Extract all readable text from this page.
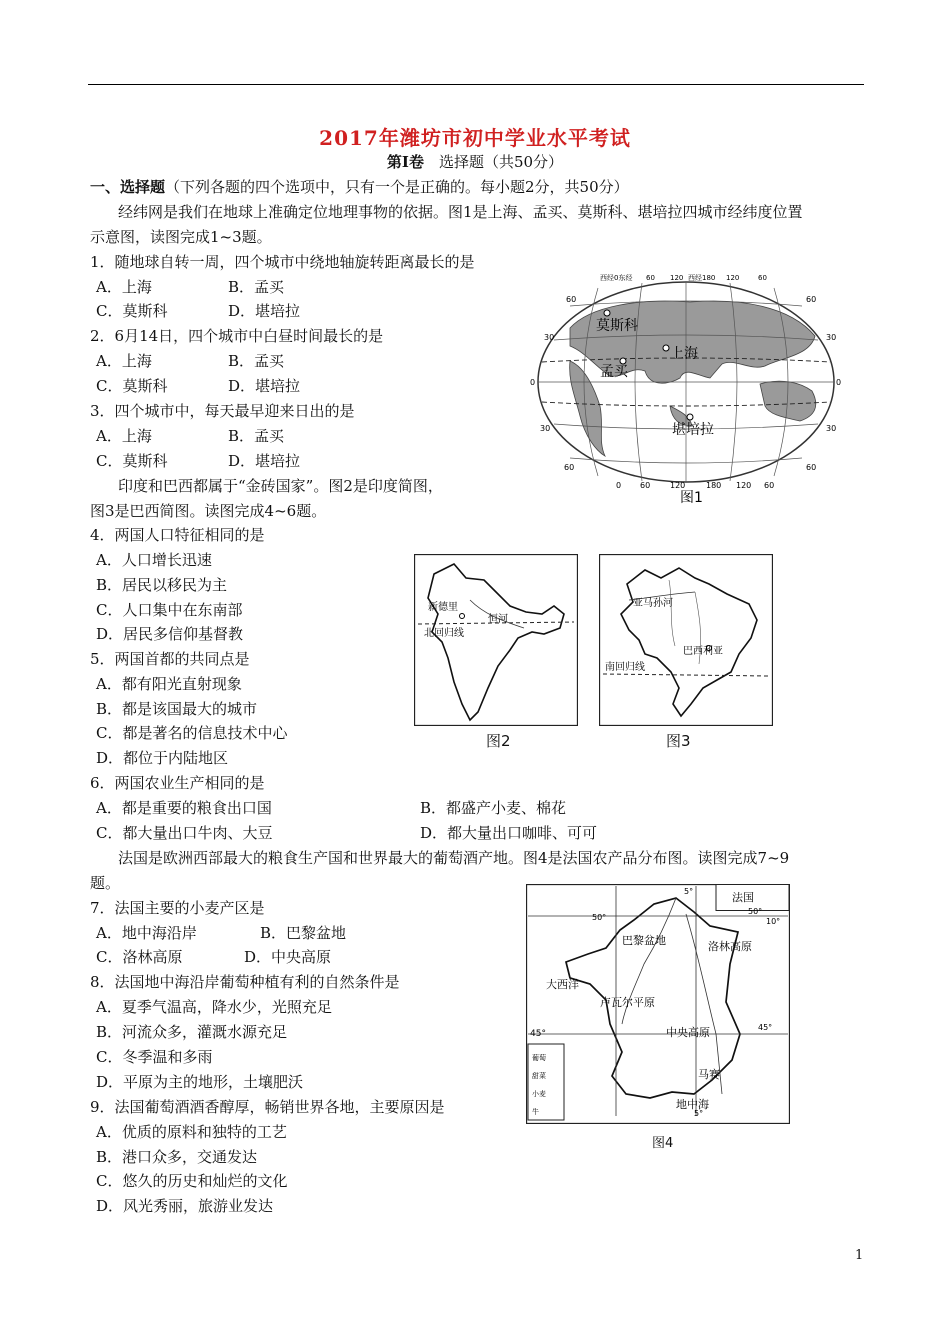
2017年潍坊市初中学业水平考试
第Ⅰ卷　 选择题（共50分）
一、选择题（下列各题的四个选项中，只有一个是正确的。每小题2分，共50分）
经纬网是我们在地球上准确定位地理事物的依据。图1是上海、孟买、莫斯科、堪培拉四城市经纬度位置
示意图，读图完成1~3题。
1．随地球自转一周，四个城市中绕地轴旋转距离最长的是
A．上海	B．孟买
C．莫斯科	D．堪培拉
2．6月14日，四个城市中白昼时间最长的是
A．上海	B．孟买
C．莫斯科	D．堪培拉
3．四个城市中，每天最早迎来日出的是
A．上海	B．孟买
C．莫斯科	D．堪培拉
印度和巴西都属于“金砖国家”。图2是印度简图，
图3是巴西简图。读图完成4~6题。
4．两国人口特征相同的是
A．人口增长迅速
B．居民以移民为主
C．人口集中在东南部
D．居民多信仰基督教
5．两国首都的共同点是
A．都有阳光直射现象
B．都是该国最大的城市
C．都是著名的信息技术中心
D．都位于内陆地区
6．两国农业生产相同的是
A．都是重要的粮食出口国	B．都盛产小麦、棉花
C．都大量出口牛肉、大豆	D．都大量出口咖啡、可可
法国是欧洲西部最大的粮食生产国和世界最大的葡萄酒产地。图4是法国农产品分布图。读图完成7~9
题。
7．法国主要的小麦产区是
A．地中海沿岸	B．巴黎盆地
C．洛林高原	D．中央高原
8．法国地中海沿岸葡萄种植有利的自然条件是
A．夏季气温高，降水少，光照充足
B．河流众多，灌溉水源充足
C．冬季温和多雨
D．平原为主的地形，土壤肥沃
9．法国葡萄酒酒香醇厚，畅销世界各地，主要原因是
A．优质的原料和独特的工艺
B．港口众多，交通发达
C．悠久的历史和灿烂的文化
D．风光秀丽，旅游业发达
西经0东经 60 120 西经180 120	60
60
30
0
30
60
60
30
0
30
60
0 60 120	180 120 60
莫斯科
上海
孟买
堪培拉
图1
新德里
恒河
北回归线
图2
亚马孙河
巴西利亚
南回归线
图3
法国
5°
50°
50°
10°
45°
45°
5°
巴黎盆地	洛林高原
大西洋
卢瓦尔平原
中央高原
马赛
地中海
葡萄
甜菜
小麦
牛
图4
1
